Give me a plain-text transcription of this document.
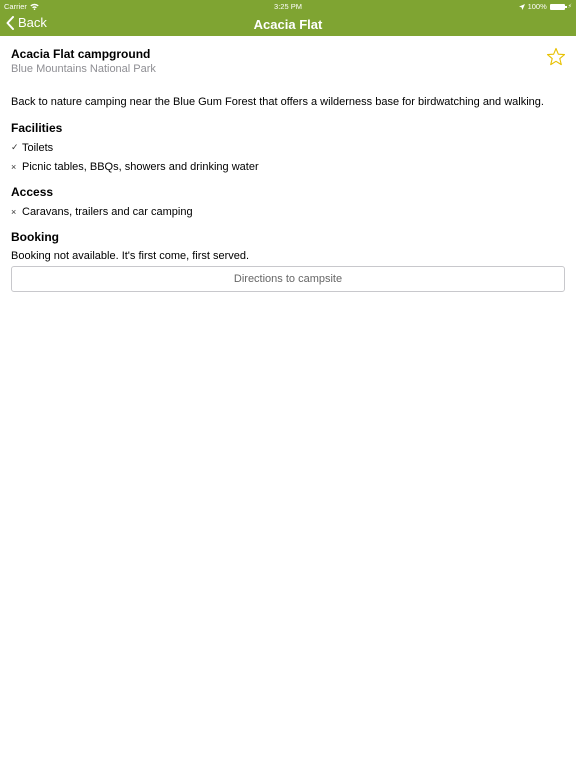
Carrier	3:25 PM	100%	⚡
Back	Acacia Flat
Acacia Flat campground
Blue Mountains National Park
Back to nature camping near the Blue Gum Forest that offers a wilderness base for birdwatching and walking.
Facilities
✓ Toilets
× Picnic tables, BBQs, showers and drinking water
Access
× Caravans, trailers and car camping
Booking
Booking not available. It's first come, first served.
Directions to campsite
